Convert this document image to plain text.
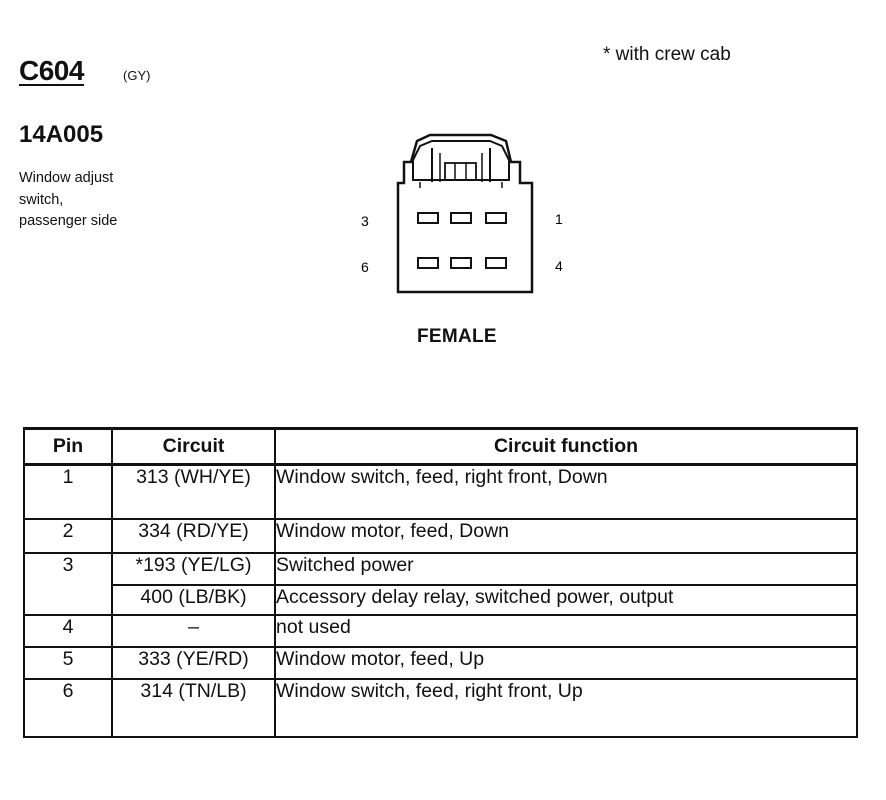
C604	(GY)
* with crew cab
14A005
Window adjust
switch,
passenger side	3	1
6	4
FEMALE
Pin	Circuit	Circuit function
1	313 (WH/YE)	Window switch, feed, right front, Down
2	334 (RD/YE)	Window motor, feed, Down
3	*193 (YE/LG)	Switched power
	400 (LB/BK)	Accessory delay relay, switched power, output
4	–	not used
5	333 (YE/RD)	Window motor, feed, Up
6	314 (TN/LB)	Window switch, feed, right front, Up
